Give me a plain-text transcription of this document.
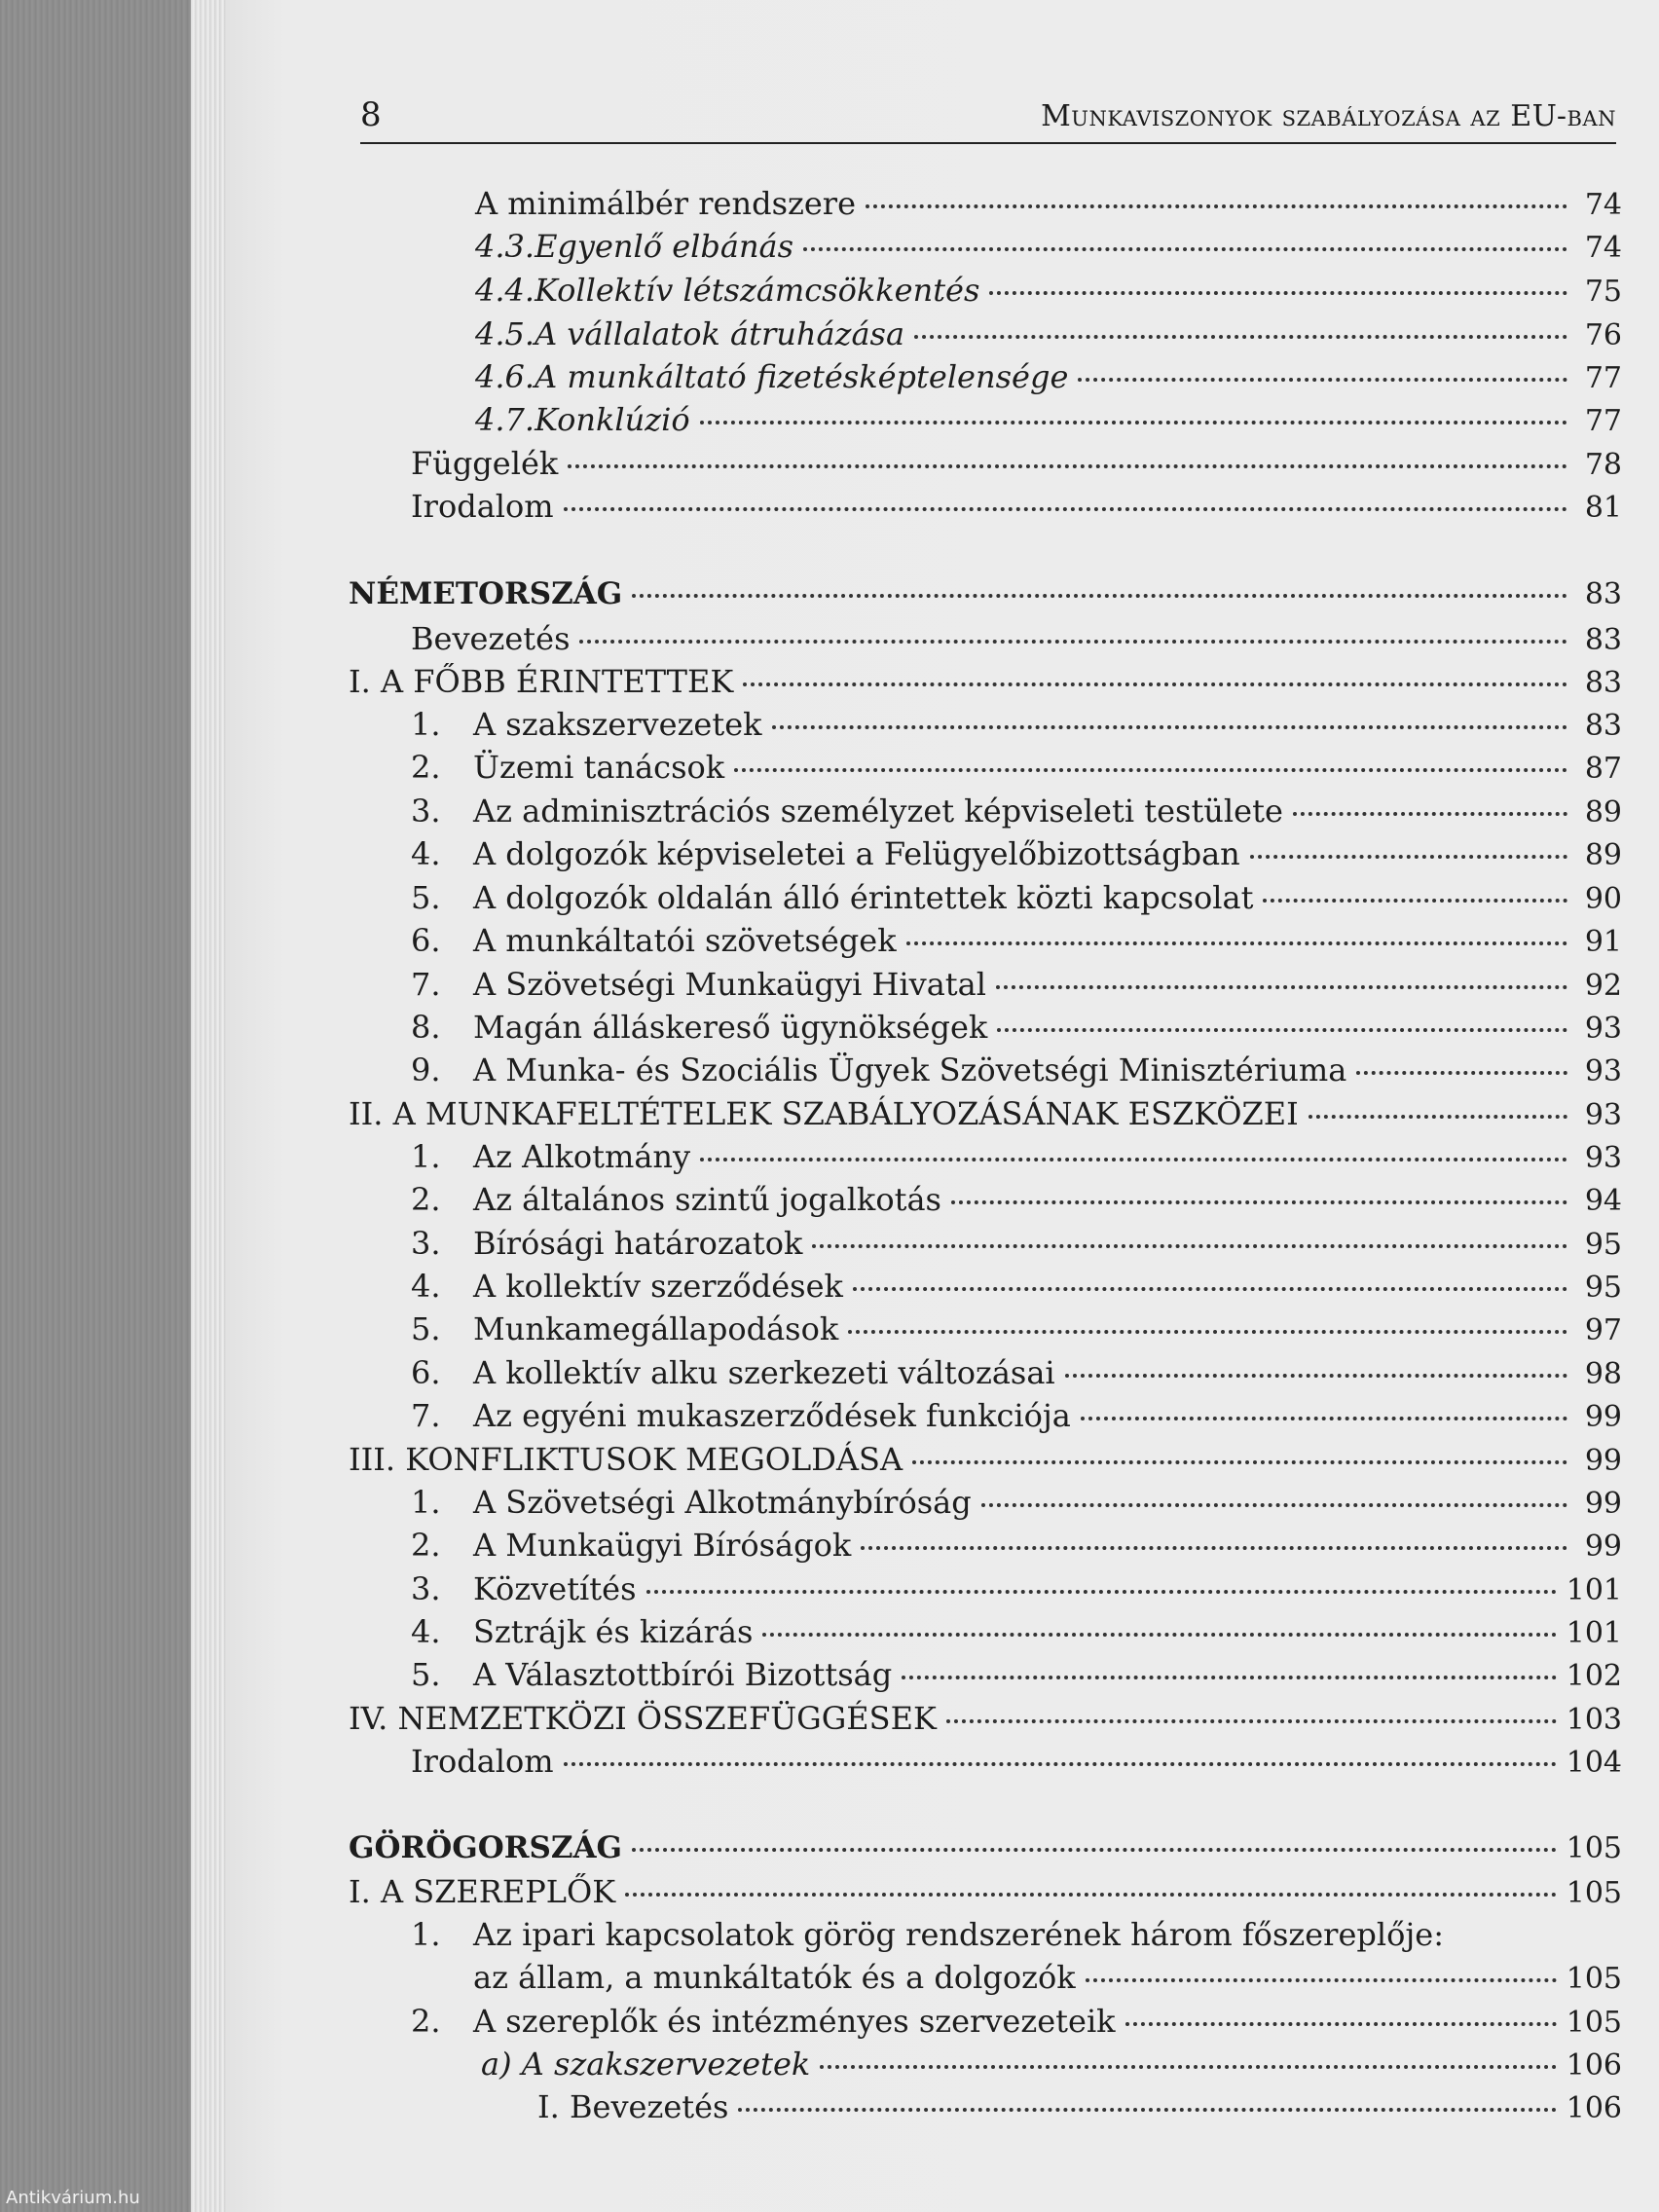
8	Munkaviszonyok szabályozása az EU-ban
A minimálbér rendszere	74
4.3.Egyenlő elbánás	74
4.4.Kollektív létszámcsökkentés	75
4.5.A vállalatok átruházása	76
4.6.A munkáltató fizetésképtelensége	77
4.7.Konklúzió	77
Függelék	78
Irodalom	81
NÉMETORSZÁG	83
Bevezetés	83
I. A FŐBB ÉRINTETTEK	83
1.	A szakszervezetek	83
2.	Üzemi tanácsok	87
3.	Az adminisztrációs személyzet képviseleti testülete	89
4.	A dolgozók képviseletei a Felügyelőbizottságban	89
5.	A dolgozók oldalán álló érintettek közti kapcsolat	90
6.	A munkáltatói szövetségek	91
7.	A Szövetségi Munkaügyi Hivatal	92
8.	Magán álláskereső ügynökségek	93
9.	A Munka- és Szociális Ügyek Szövetségi Minisztériuma	93
II. A MUNKAFELTÉTELEK SZABÁLYOZÁSÁNAK ESZKÖZEI	93
1.	Az Alkotmány	93
2.	Az általános szintű jogalkotás	94
3.	Bírósági határozatok	95
4.	A kollektív szerződések	95
5.	Munkamegállapodások	97
6.	A kollektív alku szerkezeti változásai	98
7.	Az egyéni mukaszerződések funkciója	99
III. KONFLIKTUSOK MEGOLDÁSA	99
1.	A Szövetségi Alkotmánybíróság	99
2.	A Munkaügyi Bíróságok	99
3.	Közvetítés	101
4.	Sztrájk és kizárás	101
5.	A Választottbírói Bizottság	102
IV. NEMZETKÖZI ÖSSZEFÜGGÉSEK	103
Irodalom	104
GÖRÖGORSZÁG	105
I. A SZEREPLŐK	105
1.	Az ipari kapcsolatok görög rendszerének három főszereplője:
az állam, a munkáltatók és a dolgozók	105
2.	A szereplők és intézményes szervezeteik	105
a) A szakszervezetek	106
I. Bevezetés	106
Antikvárium.hu
